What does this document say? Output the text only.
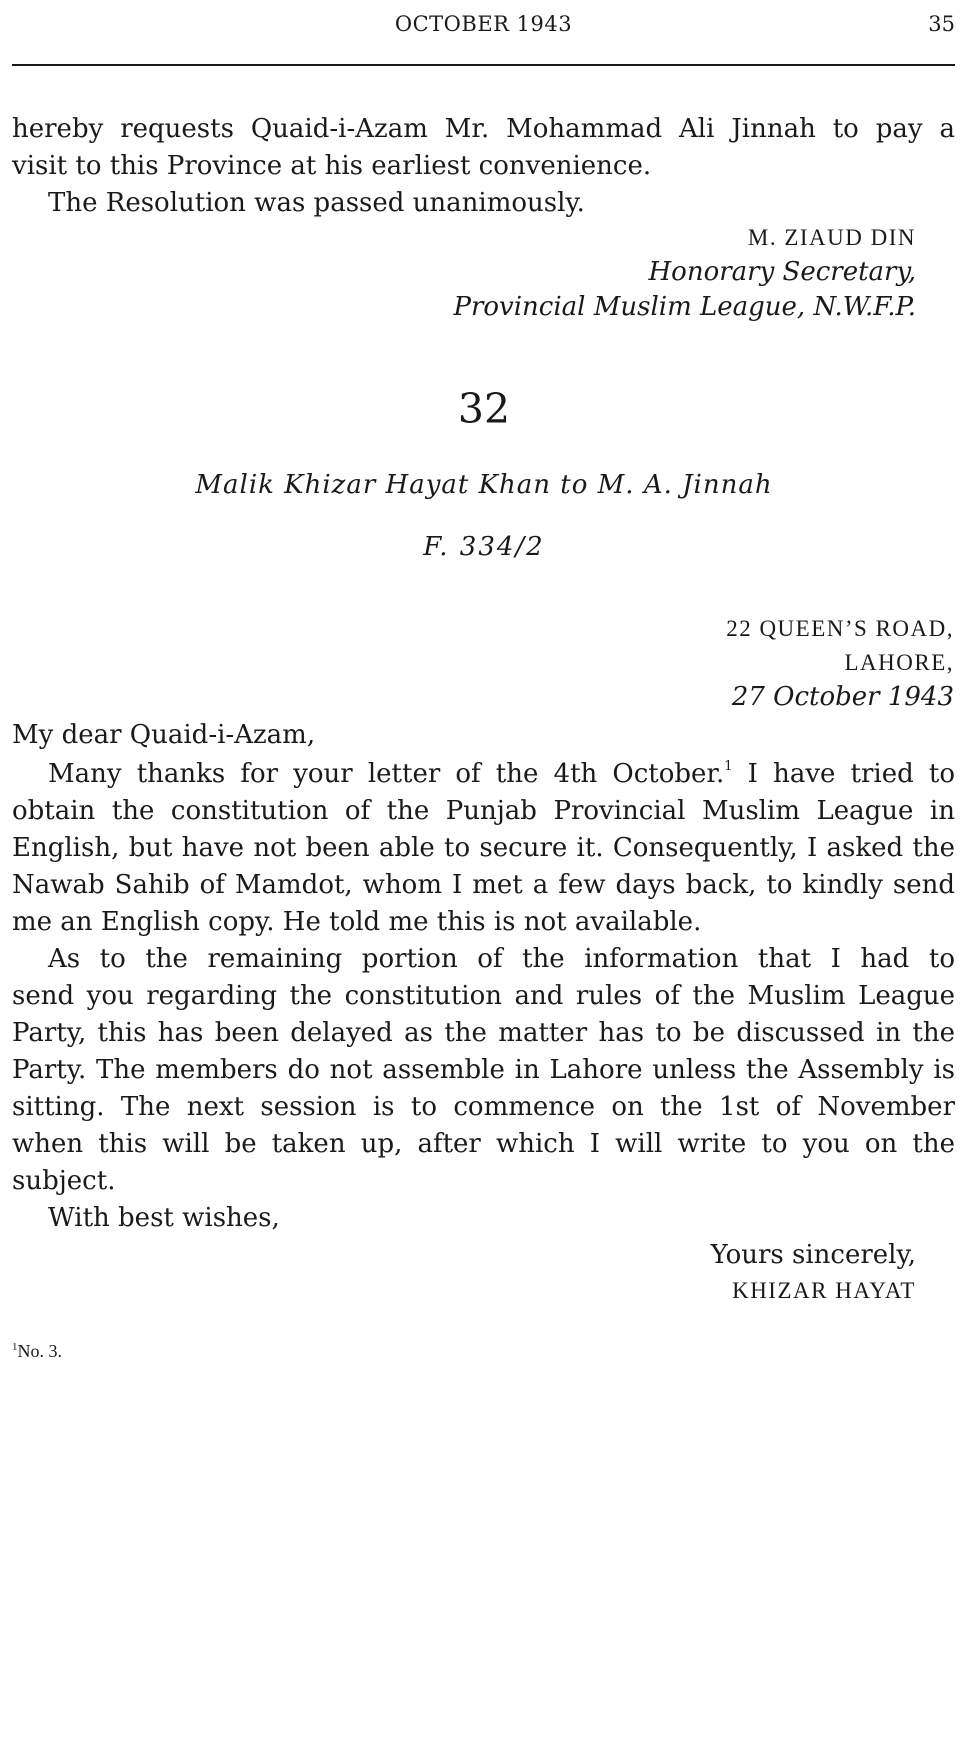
OCTOBER 1943	35
hereby requests Quaid-i-Azam Mr. Mohammad Ali Jinnah to pay a
visit to this Province at his earliest convenience.
The Resolution was passed unanimously.
M. ZIAUD DIN
Honorary Secretary,
Provincial Muslim League, N.W.F.P.
32
Malik Khizar Hayat Khan to M. A. Jinnah
F. 334/2
22 QUEEN’S ROAD,
LAHORE,
27 October 1943
My dear Quaid-i-Azam,

Many thanks for your letter of the 4th October.$^1$ I have tried to
obtain the constitution of the Punjab Provincial Muslim League in
English, but have not been able to secure it. Consequently, I asked the
Nawab Sahib of Mamdot, whom I met a few days back, to kindly send
me an English copy. He told me this is not available.

As to the remaining portion of the information that I had to
send you regarding the constitution and rules of the Muslim League
Party, this has been delayed as the matter has to be discussed in the
Party. The members do not assemble in Lahore unless the Assembly is
sitting. The next session is to commence on the 1st of November
when this will be taken up, after which I will write to you on the
subject.

With best wishes,

Yours sincerely,
KHIZAR HAYAT
$^1$No. 3.
